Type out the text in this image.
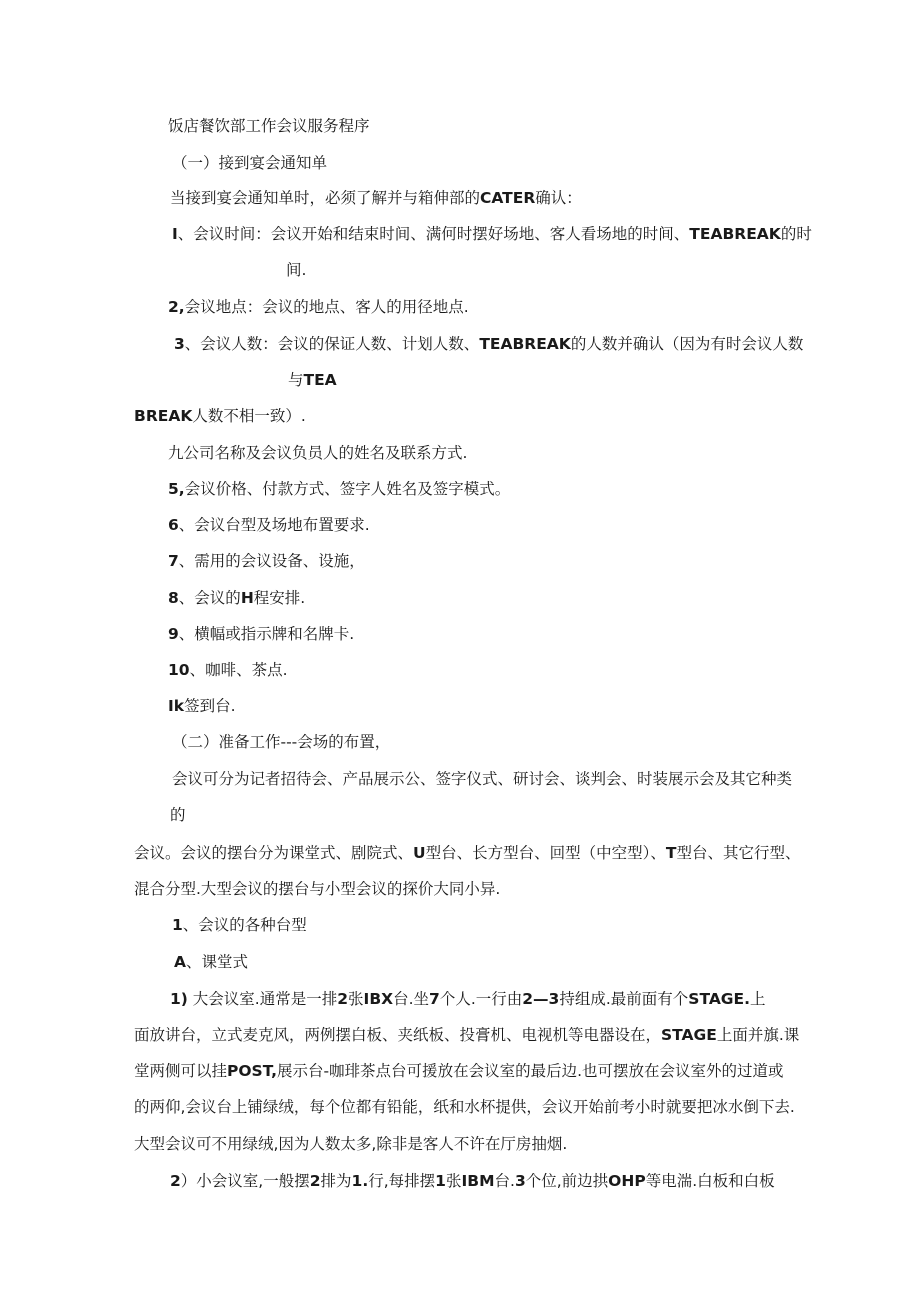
饭店餐饮部工作会议服务程序
（一）接到宴会通知单
当接到宴会通知单时，必须了解并与箱伸部的CATER确认：
I、会议时间：会议开始和结束时间、满何时摆好场地、客人看场地的时间、TEABREAK的时
间.
2,会议地点：会议的地点、客人的用径地点.
3、会议人数：会议的保证人数、计划人数、TEABREAK的人数并确认（因为有时会议人数
与TEA
BREAK人数不相一致）.
九公司名称及会议负员人的姓名及联系方式.
5,会议价格、付款方式、签字人姓名及签字模式。
6、会议台型及场地布置要求.
7、需用的会议设备、设施，
8、会议的H程安排.
9、横幅或指示牌和名牌卡.
10、咖啡、茶点.
Ik签到台.
（二）准备工作---会场的布置，
会议可分为记者招待会、产品展示公、签字仪式、研讨会、谈判会、时装展示会及其它种类
的
会议。会议的摆台分为课堂式、剧院式、U型台、长方型台、回型（中空型）、T型台、其它行型、
混合分型.大型会议的摆台与小型会议的探价大同小异.
1、会议的各种台型
A、课堂式
1) 大会议室.通常是一排2张IBX台.坐7个人.一行由2—3持组成.最前面有个STAGE.上
面放讲台，立式麦克风，两例摆白板、夹纸板、投膏机、电视机等电器设在，STAGE上面并旗.课
堂两侧可以挂POST,展示台-咖琲茶点台可援放在会议室的最后边.也可摆放在会议室外的过道或
的两仰,会议台上铺绿绒，每个位都有铅能，纸和水杯提供，会议开始前考小时就要把冰水倒下去.
大型会议可不用绿绒,因为人数太多,除非是客人不许在厅房抽烟.
2）小会议室,一般摆2排为1.行,每排摆1张IBM台.3个位,前边拱OHP等电湍.白板和白板
